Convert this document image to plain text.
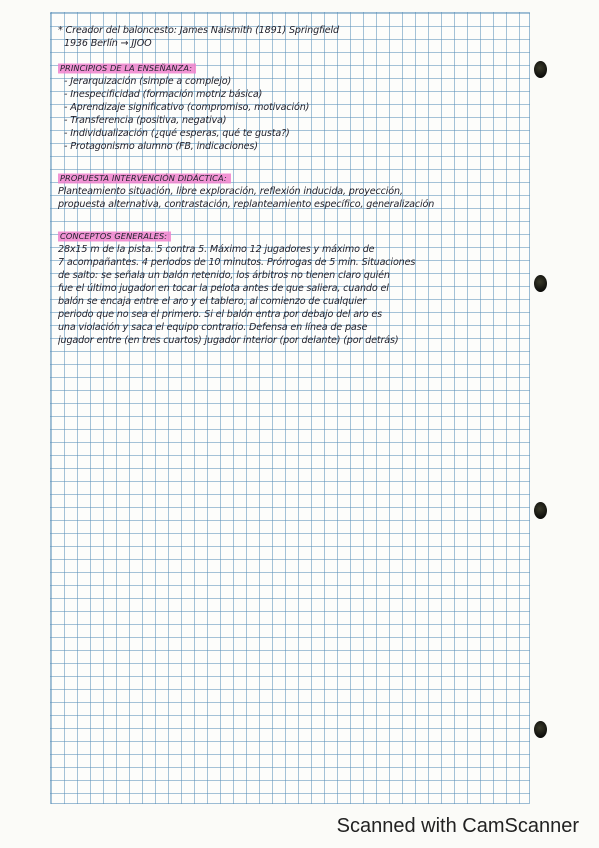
* Creador del baloncesto: James Naismith (1891) Springfield
1936 Berlín → JJOO
PRINCIPIOS DE LA ENSEÑANZA:
- Jerarquización (simple a complejo)
- Inespecificidad (formación motriz básica)
- Aprendizaje significativo (compromiso, motivación)
- Transferencia (positiva, negativa)
- Individualización (¿qué esperas, qué te gusta?)
- Protagonismo alumno (FB, indicaciones)
PROPUESTA INTERVENCIÓN DIDÁCTICA:
Planteamiento situación, libre exploración, reflexión inducida, proyección,
propuesta alternativa, contrastación, replanteamiento específico, generalización
CONCEPTOS GENERALES:
28x15 m de la pista. 5 contra 5. Máximo 12 jugadores y máximo de
7 acompañantes. 4 periodos de 10 minutos. Prórrogas de 5 min. Situaciones
de salto: se señala un balón retenido, los árbitros no tienen claro quién
fue el último jugador en tocar la pelota antes de que saliera, cuando el
balón se encaja entre el aro y el tablero, al comienzo de cualquier
periodo que no sea el primero. Si el balón entra por debajo del aro es
una violación y saca el equipo contrario. Defensa en línea de pase
jugador entre (en tres cuartos) jugador interior (por delante) (por detrás)
Scanned with CamScanner
